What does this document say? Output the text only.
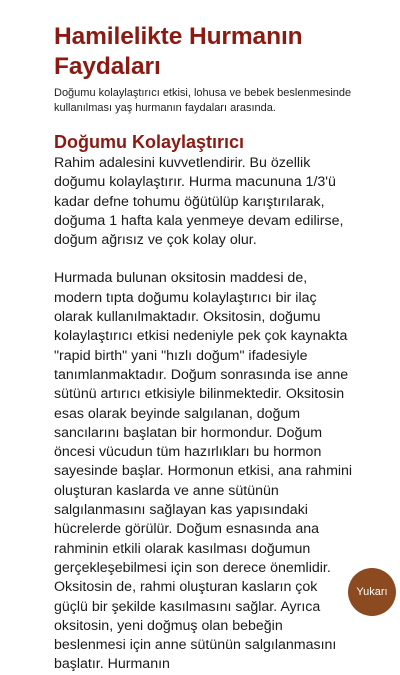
Hamilelikte Hurmanın Faydaları

Doğumu kolaylaştırıcı etkisi, lohusa ve bebek beslenmesinde kullanılması yaş hurmanın faydaları arasında.

Doğumu Kolaylaştırıcı

Rahim adalesini kuvvetlendirir. Bu özellik doğumu kolaylaştırır. Hurma macununa 1/3'ü kadar defne tohumu öğütülüp karıştırılarak, doğuma 1 hafta kala yenmeye devam edilirse, doğum ağrısız ve çok kolay olur.

Hurmada bulunan oksitosin maddesi de, modern tıpta doğumu kolaylaştırıcı bir ilaç olarak kullanılmaktadır. Oksitosin, doğumu kolaylaştırıcı etkisi nedeniyle pek çok kaynakta "rapid birth" yani "hızlı doğum" ifadesiyle tanımlanmaktadır. Doğum sonrasında ise anne sütünü artırıcı etkisiyle bilinmektedir. Oksitosin esas olarak beyinde salgılanan, doğum sancılarını başlatan bir hormondur. Doğum öncesi vücudun tüm hazırlıkları bu hormon sayesinde başlar. Hormonun etkisi, ana rahmini oluşturan kaslarda ve anne sütünün salgılanmasını sağlayan kas yapısındaki hücrelerde görülür. Doğum esnasında ana rahminin etkili olarak kasılması doğumun gerçekleşebilmesi için son derece önemlidir. Oksitosin de, rahmi oluşturan kasların çok güçlü bir şekilde kasılmasını sağlar. Ayrıca oksitosin, yeni doğmuş olan bebeğin beslenmesi için anne sütünün salgılanmasını başlatır. Hurmanın

Yukarı
